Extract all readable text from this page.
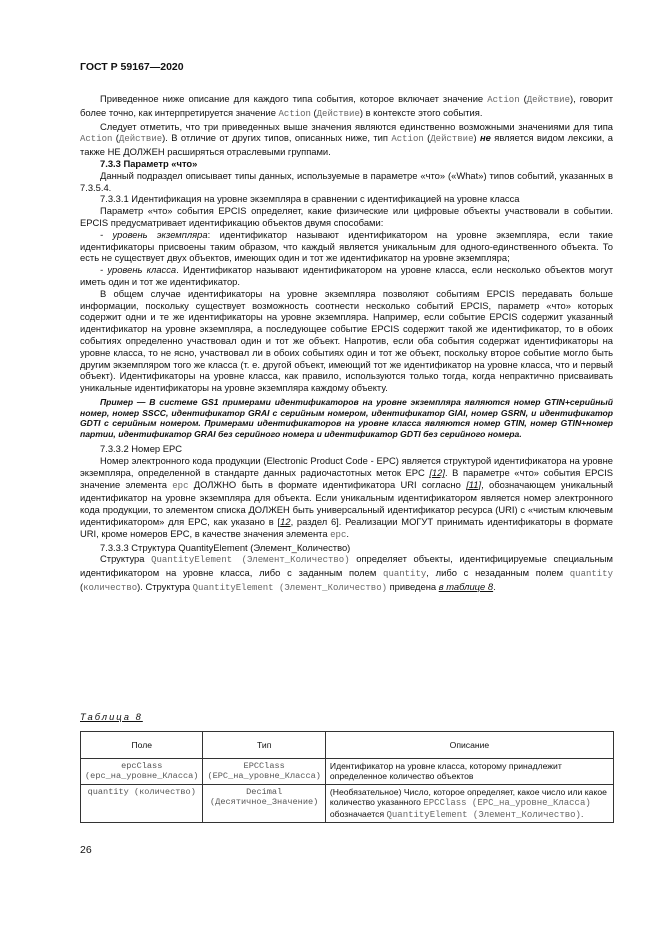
ГОСТ Р 59167—2020

Приведенное ниже описание для каждого типа события, которое включает значение Action (Действие), говорит более точно, как интерпретируется значение Action (Действие) в контексте этого события.

Следует отметить, что три приведенных выше значения являются единственно возможными значениями для типа Action (Действие). В отличие от других типов, описанных ниже, тип Action (Действие) не является видом лексики, а также НЕ ДОЛЖЕН расширяться отраслевыми группами.

7.3.3 Параметр «что»

Данный подраздел описывает типы данных, используемые в параметре «что» («What») типов событий, указанных в 7.3.5.4.

7.3.3.1 Идентификация на уровне экземпляра в сравнении с идентификацией на уровне класса

Параметр «что» события EPCIS определяет, какие физические или цифровые объекты участвовали в событии. EPCIS предусматривает идентификацию объектов двумя способами:

- уровень экземпляра: идентификатор называют идентификатором на уровне экземпляра, если такие идентификаторы присвоены таким образом, что каждый является уникальным для одного-единственного объекта. То есть не существует двух объектов, имеющих один и тот же идентификатор на уровне экземпляра;

- уровень класса. Идентификатор называют идентификатором на уровне класса, если несколько объектов могут иметь один и тот же идентификатор.

В общем случае идентификаторы на уровне экземпляра позволяют событиям EPCIS передавать больше информации, поскольку существует возможность соотнести несколько событий EPCIS, параметр «что» которых содержит одни и те же идентификаторы на уровне экземпляра. Например, если событие EPCIS содержит указанный идентификатор на уровне экземпляра, а последующее событие EPCIS содержит такой же идентификатор, то в обоих событиях определенно участвовал один и тот же объект. Напротив, если оба события содержат идентификаторы на уровне класса, то не ясно, участвовал ли в обоих событиях один и тот же объект, поскольку второе событие могло быть другим экземпляром того же класса (т. е. другой объект, имеющий тот же идентификатор на уровне класса, что и первый объект). Идентификаторы на уровне класса, как правило, используются только тогда, когда непрактично присваивать уникальные идентификаторы на уровне экземпляра каждому объекту.

Пример — В системе GS1 примерами идентификаторов на уровне экземпляра являются номер GTIN+серийный номер, номер SSCC, идентификатор GRAI с серийным номером, идентификатор GIAI, номер GSRN, и идентификатор GDTI с серийным номером. Примерами идентификаторов на уровне класса являются номер GTIN, номер GTIN+номер партии, идентификатор GRAI без серийного номера и идентификатор GDTI без серийного номера.

7.3.3.2 Номер EPC

Номер электронного кода продукции (Electronic Product Code - EPC) является структурой идентификатора на уровне экземпляра, определенной в стандарте данных радиочастотных меток EPC [12]. В параметре «что» события EPCIS значение элемента epc ДОЛЖНО быть в формате идентификатора URI согласно [11], обозначающем уникальный идентификатор на уровне экземпляра для объекта. Если уникальным идентификатором является номер электронного кода продукции, то элементом списка ДОЛЖЕН быть универсальный идентификатор ресурса (URI) с «чистым ключевым идентификатором» для EPC, как указано в [12, раздел 6]. Реализации МОГУТ принимать идентификаторы в формате URI, кроме номеров EPC, в качестве значения элемента epc.

7.3.3.3 Структура QuantityElement (Элемент_Количество)

Структура QuantityElement (Элемент_Количество) определяет объекты, идентифицируемые специальным идентификатором на уровне класса, либо с заданным полем quantity, либо с незаданным полем quantity (количество). Структура QuantityElement (Элемент_Количество) приведена в таблице 8.

Таблица 8
Поле	Тип	Описание
epcClass (epc_на_уровне_Класса)	EPCClass (EPC_на_уровне_Класса)	Идентификатор на уровне класса, которому принадлежит определенное количество объектов
quantity (количество)	Decimal (Десятичное_Значение)	(Необязательное) Число, которое определяет, какое число или какое количество указанного EPCClass (EPC_на_уровне_Класса) обозначается QuantityElement (Элемент_Количество).
26
